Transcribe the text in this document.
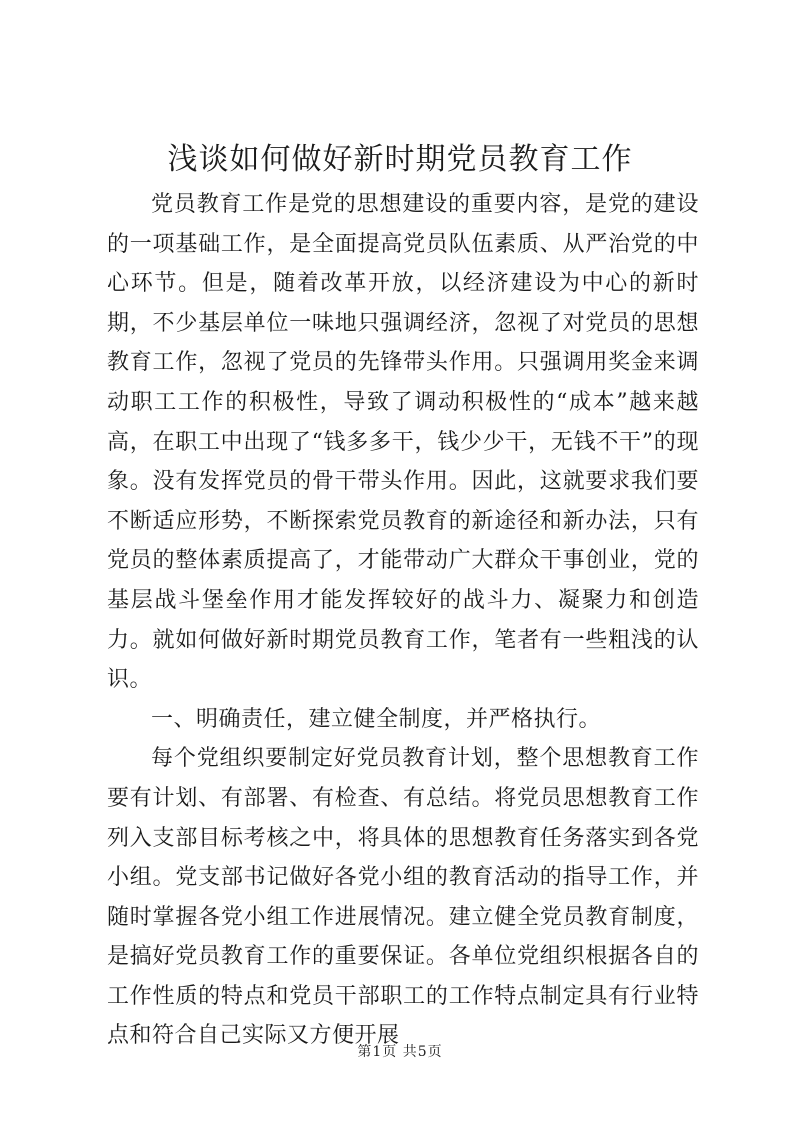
浅谈如何做好新时期党员教育工作

党员教育工作是党的思想建设的重要内容，是党的建设的一项基础工作，是全面提高党员队伍素质、从严治党的中心环节。但是，随着改革开放，以经济建设为中心的新时期，不少基层单位一味地只强调经济，忽视了对党员的思想教育工作，忽视了党员的先锋带头作用。只强调用奖金来调动职工工作的积极性，导致了调动积极性的“成本”越来越高，在职工中出现了“钱多多干，钱少少干，无钱不干”的现象。没有发挥党员的骨干带头作用。因此，这就要求我们要不断适应形势，不断探索党员教育的新途径和新办法，只有党员的整体素质提高了，才能带动广大群众干事创业，党的基层战斗堡垒作用才能发挥较好的战斗力、凝聚力和创造力。就如何做好新时期党员教育工作，笔者有一些粗浅的认识。

一、明确责任，建立健全制度，并严格执行。

每个党组织要制定好党员教育计划，整个思想教育工作要有计划、有部署、有检查、有总结。将党员思想教育工作列入支部目标考核之中，将具体的思想教育任务落实到各党小组。党支部书记做好各党小组的教育活动的指导工作，并随时掌握各党小组工作进展情况。建立健全党员教育制度，是搞好党员教育工作的重要保证。各单位党组织根据各自的工作性质的特点和党员干部职工的工作特点制定具有行业特点和符合自己实际又方便开展

第1页 共5页
